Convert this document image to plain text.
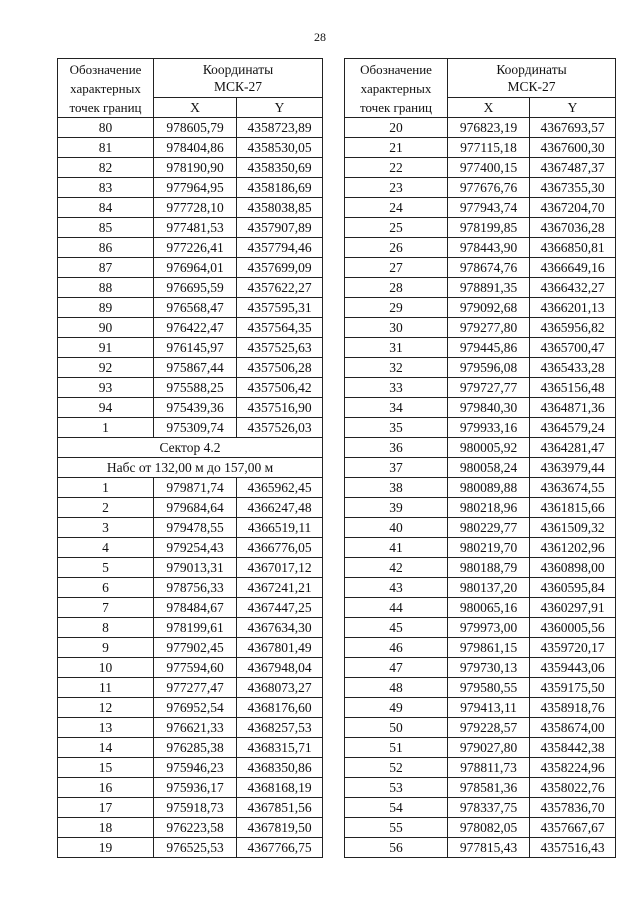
28
Обозначение
характерных
точек границ	Координаты
МСК-27	
	X	Y
80	978605,79	4358723,89
81	978404,86	4358530,05
82	978190,90	4358350,69
83	977964,95	4358186,69
84	977728,10	4358038,85
85	977481,53	4357907,89
86	977226,41	4357794,46
87	976964,01	4357699,09
88	976695,59	4357622,27
89	976568,47	4357595,31
90	976422,47	4357564,35
91	976145,97	4357525,63
92	975867,44	4357506,28
93	975588,25	4357506,42
94	975439,36	4357516,90
1	975309,74	4357526,03
Сектор 4.2		
Набс от 132,00 м до 157,00 м		
1	979871,74	4365962,45
2	979684,64	4366247,48
3	979478,55	4366519,11
4	979254,43	4366776,05
5	979013,31	4367017,12
6	978756,33	4367241,21
7	978484,67	4367447,25
8	978199,61	4367634,30
9	977902,45	4367801,49
10	977594,60	4367948,04
11	977277,47	4368073,27
12	976952,54	4368176,60
13	976621,33	4368257,53
14	976285,38	4368315,71
15	975946,23	4368350,86
16	975936,17	4368168,19
17	975918,73	4367851,56
18	976223,58	4367819,50
19	976525,53	4367766,75
Обозначение
характерных
точек границ	Координаты
МСК-27	
	X	Y
20	976823,19	4367693,57
21	977115,18	4367600,30
22	977400,15	4367487,37
23	977676,76	4367355,30
24	977943,74	4367204,70
25	978199,85	4367036,28
26	978443,90	4366850,81
27	978674,76	4366649,16
28	978891,35	4366432,27
29	979092,68	4366201,13
30	979277,80	4365956,82
31	979445,86	4365700,47
32	979596,08	4365433,28
33	979727,77	4365156,48
34	979840,30	4364871,36
35	979933,16	4364579,24
36	980005,92	4364281,47
37	980058,24	4363979,44
38	980089,88	4363674,55
39	980218,96	4361815,66
40	980229,77	4361509,32
41	980219,70	4361202,96
42	980188,79	4360898,00
43	980137,20	4360595,84
44	980065,16	4360297,91
45	979973,00	4360005,56
46	979861,15	4359720,17
47	979730,13	4359443,06
48	979580,55	4359175,50
49	979413,11	4358918,76
50	979228,57	4358674,00
51	979027,80	4358442,38
52	978811,73	4358224,96
53	978581,36	4358022,76
54	978337,75	4357836,70
55	978082,05	4357667,67
56	977815,43	4357516,43
